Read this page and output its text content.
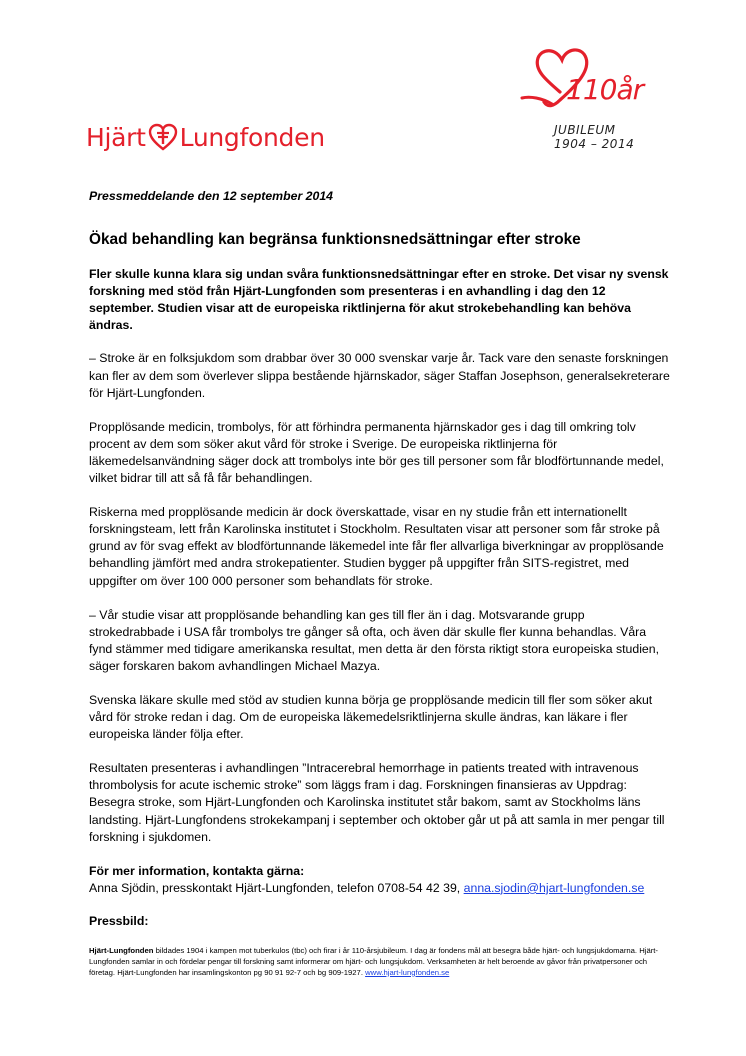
Hjärt Lungfonden
110år
JUBILEUM
1904 – 2014

Pressmeddelande den 12 september 2014

Ökad behandling kan begränsa funktionsnedsättningar efter stroke

Fler skulle kunna klara sig undan svåra funktionsnedsättningar efter en stroke. Det visar ny svensk forskning med stöd från Hjärt-Lungfonden som presenteras i en avhandling i dag den 12 september. Studien visar att de europeiska riktlinjerna för akut strokebehandling kan behöva ändras.

– Stroke är en folksjukdom som drabbar över 30 000 svenskar varje år. Tack vare den senaste forskningen kan fler av dem som överlever slippa bestående hjärnskador, säger Staffan Josephson, generalsekreterare för Hjärt-Lungfonden.

Propplösande medicin, trombolys, för att förhindra permanenta hjärnskador ges i dag till omkring tolv procent av dem som söker akut vård för stroke i Sverige. De europeiska riktlinjerna för läkemedelsanvändning säger dock att trombolys inte bör ges till personer som får blodförtunnande medel, vilket bidrar till att så få får behandlingen.

Riskerna med propplösande medicin är dock överskattade, visar en ny studie från ett internationellt forskningsteam, lett från Karolinska institutet i Stockholm. Resultaten visar att personer som får stroke på grund av för svag effekt av blodförtunnande läkemedel inte får fler allvarliga biverkningar av propplösande behandling jämfört med andra strokepatienter. Studien bygger på uppgifter från SITS-registret, med uppgifter om över 100 000 personer som behandlats för stroke.

– Vår studie visar att propplösande behandling kan ges till fler än i dag. Motsvarande grupp strokedrabbade i USA får trombolys tre gånger så ofta, och även där skulle fler kunna behandlas. Våra fynd stämmer med tidigare amerikanska resultat, men detta är den första riktigt stora europeiska studien, säger forskaren bakom avhandlingen Michael Mazya.

Svenska läkare skulle med stöd av studien kunna börja ge propplösande medicin till fler som söker akut vård för stroke redan i dag. Om de europeiska läkemedelsriktlinjerna skulle ändras, kan läkare i fler europeiska länder följa efter.

Resultaten presenteras i avhandlingen ”Intracerebral hemorrhage in patients treated with intravenous thrombolysis for acute ischemic stroke” som läggs fram i dag. Forskningen finansieras av Uppdrag: Besegra stroke, som Hjärt-Lungfonden och Karolinska institutet står bakom, samt av Stockholms läns landsting. Hjärt-Lungfondens strokekampanj i september och oktober går ut på att samla in mer pengar till forskning i sjukdomen.

För mer information, kontakta gärna:

Anna Sjödin, presskontakt Hjärt-Lungfonden, telefon 0708-54 42 39, anna.sjodin@hjart-lungfonden.se

Pressbild:

Hjärt-Lungfonden bildades 1904 i kampen mot tuberkulos (tbc) och firar i år 110-årsjubileum. I dag är fondens mål att besegra både hjärt- och lungsjukdomarna. Hjärt-Lungfonden samlar in och fördelar pengar till forskning samt informerar om hjärt- och lungsjukdom. Verksamheten är helt beroende av gåvor från privatpersoner och företag. Hjärt-Lungfonden har insamlingskonton pg 90 91 92-7 och bg 909-1927. www.hjart-lungfonden.se
